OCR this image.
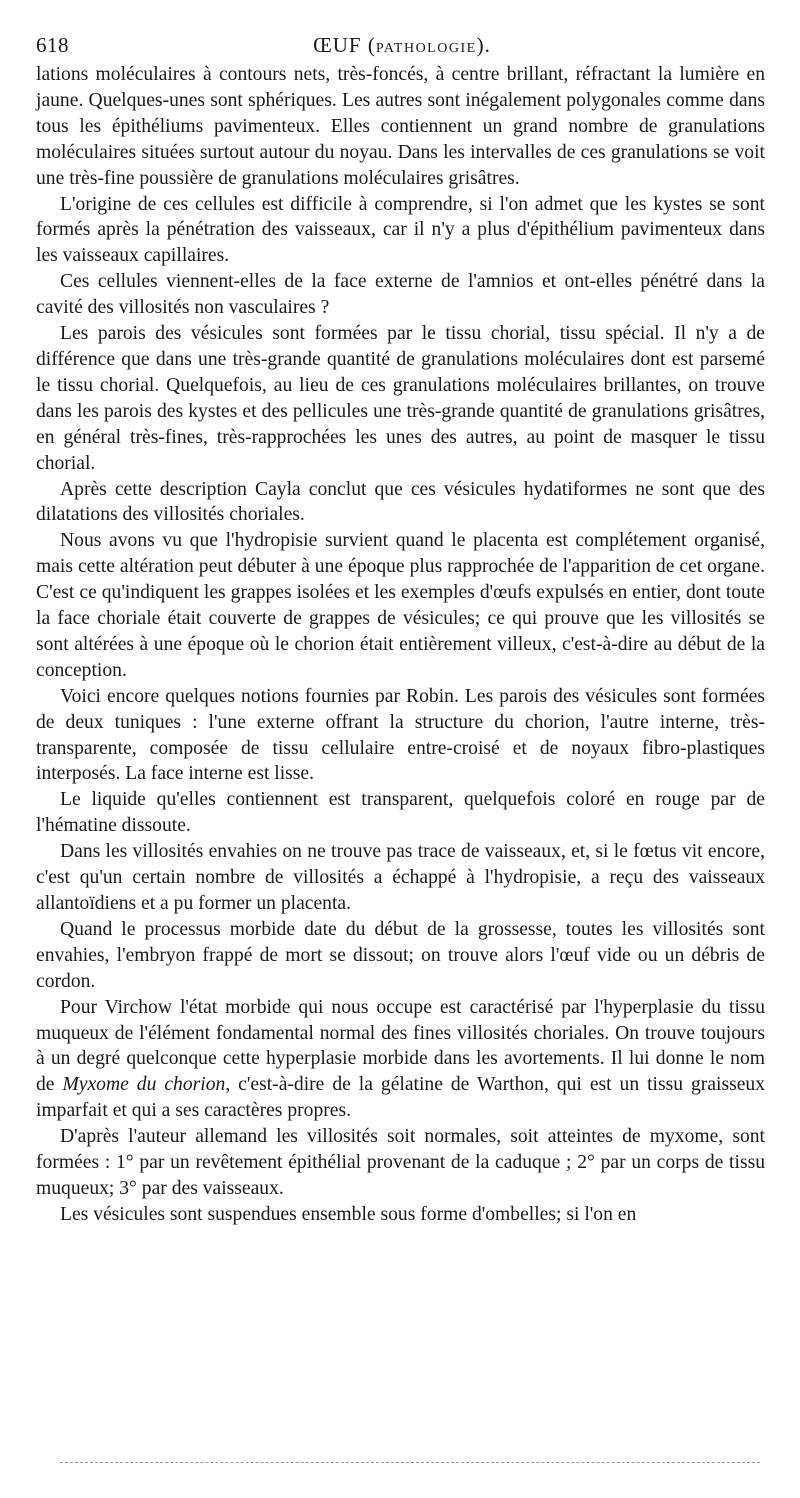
618	ŒUF (PATHOLOGIE).

lations moléculaires à contours nets, très-foncés, à centre brillant, réfractant la lumière en jaune. Quelques-unes sont sphériques. Les autres sont inégalement polygonales comme dans tous les épithéliums pavimenteux. Elles contiennent un grand nombre de granulations moléculaires situées surtout autour du noyau. Dans les intervalles de ces granulations se voit une très-fine poussière de granulations moléculaires grisâtres.

L'origine de ces cellules est difficile à comprendre, si l'on admet que les kystes se sont formés après la pénétration des vaisseaux, car il n'y a plus d'épithélium pavimenteux dans les vaisseaux capillaires.

Ces cellules viennent-elles de la face externe de l'amnios et ont-elles pénétré dans la cavité des villosités non vasculaires ?

Les parois des vésicules sont formées par le tissu chorial, tissu spécial. Il n'y a de différence que dans une très-grande quantité de granulations moléculaires dont est parsemé le tissu chorial. Quelquefois, au lieu de ces granulations moléculaires brillantes, on trouve dans les parois des kystes et des pellicules une très-grande quantité de granulations grisâtres, en général très-fines, très-rapprochées les unes des autres, au point de masquer le tissu chorial.

Après cette description Cayla conclut que ces vésicules hydatiformes ne sont que des dilatations des villosités choriales.

Nous avons vu que l'hydropisie survient quand le placenta est complétement organisé, mais cette altération peut débuter à une époque plus rapprochée de l'apparition de cet organe. C'est ce qu'indiquent les grappes isolées et les exemples d'œufs expulsés en entier, dont toute la face choriale était couverte de grappes de vésicules; ce qui prouve que les villosités se sont altérées à une époque où le chorion était entièrement villeux, c'est-à-dire au début de la conception.

Voici encore quelques notions fournies par Robin. Les parois des vésicules sont formées de deux tuniques : l'une externe offrant la structure du chorion, l'autre interne, très-transparente, composée de tissu cellulaire entre-croisé et de noyaux fibro-plastiques interposés. La face interne est lisse.

Le liquide qu'elles contiennent est transparent, quelquefois coloré en rouge par de l'hématine dissoute.

Dans les villosités envahies on ne trouve pas trace de vaisseaux, et, si le fœtus vit encore, c'est qu'un certain nombre de villosités a échappé à l'hydropisie, a reçu des vaisseaux allantoïdiens et a pu former un placenta.

Quand le processus morbide date du début de la grossesse, toutes les villosités sont envahies, l'embryon frappé de mort se dissout; on trouve alors l'œuf vide ou un débris de cordon.

Pour Virchow l'état morbide qui nous occupe est caractérisé par l'hyperplasie du tissu muqueux de l'élément fondamental normal des fines villosités choriales. On trouve toujours à un degré quelconque cette hyperplasie morbide dans les avortements. Il lui donne le nom de Myxome du chorion, c'est-à-dire de la gélatine de Warthon, qui est un tissu graisseux imparfait et qui a ses caractères propres.

D'après l'auteur allemand les villosités soit normales, soit atteintes de myxome, sont formées : 1° par un revêtement épithélial provenant de la caduque ; 2° par un corps de tissu muqueux; 3° par des vaisseaux.

Les vésicules sont suspendues ensemble sous forme d'ombelles; si l'on en
